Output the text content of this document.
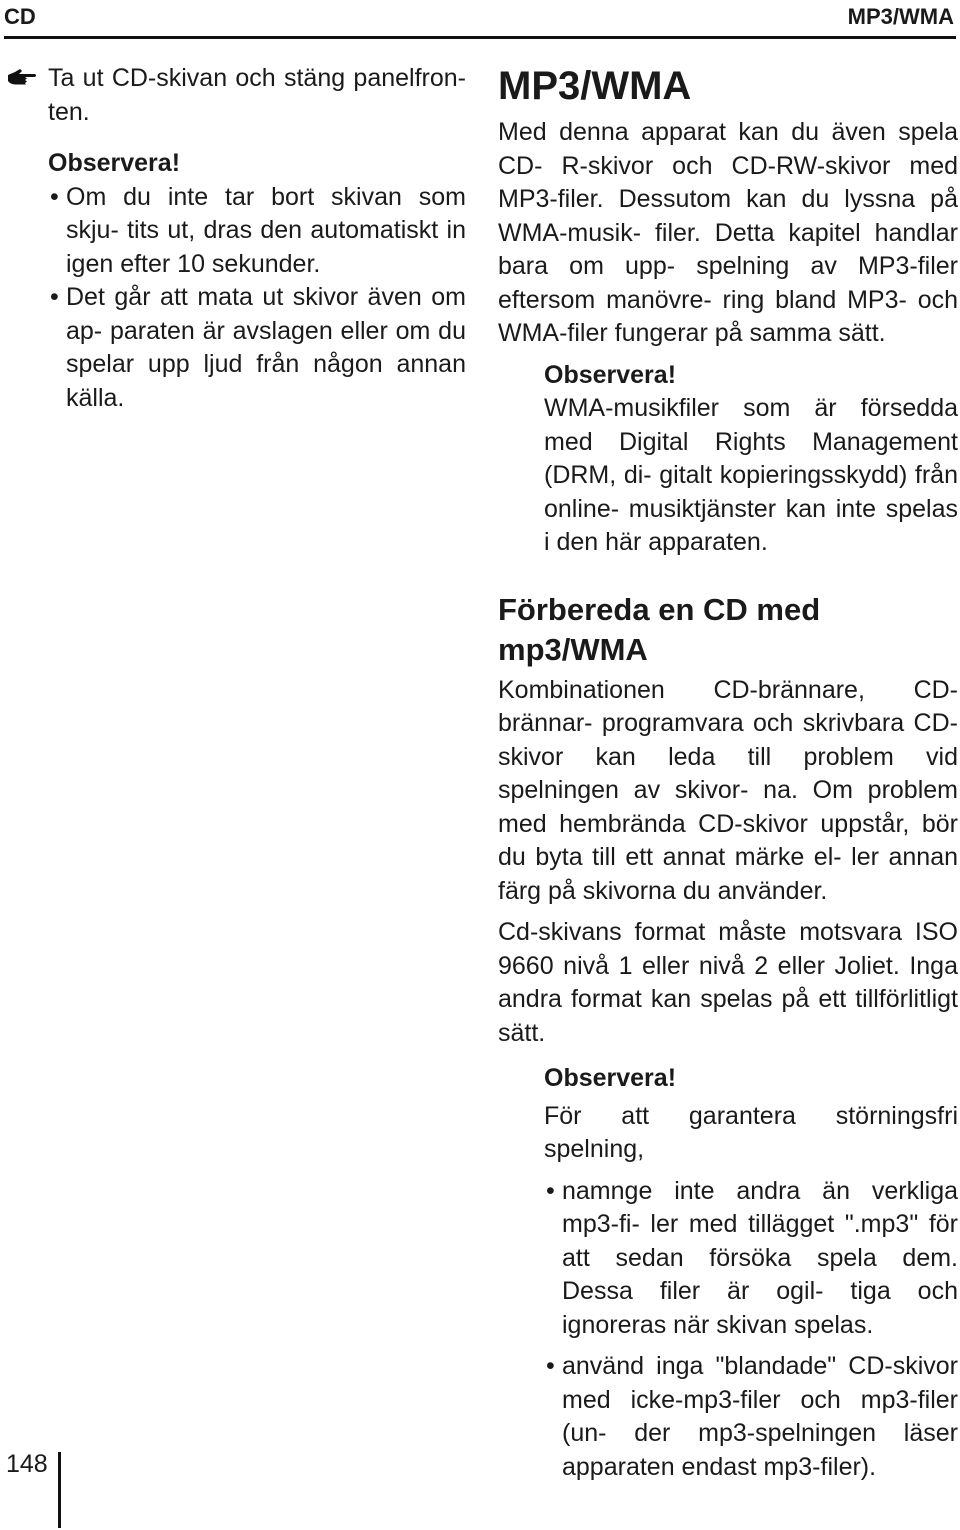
CD	MP3/WMA

Ta ut CD-skivan och stäng panelfron- ten.

Observera!

• Om du inte tar bort skivan som skju- tits ut, dras den automatiskt in igen efter 10 sekunder.
• Det går att mata ut skivor även om ap- paraten är avslagen eller om du spelar upp ljud från någon annan källa.
MP3/WMA

Med denna apparat kan du även spela CD- R-skivor och CD-RW-skivor med MP3-filer. Dessutom kan du lyssna på WMA-musik- filer. Detta kapitel handlar bara om upp- spelning av MP3-filer eftersom manövre- ring bland MP3- och WMA-filer fungerar på samma sätt.

Observera!

WMA-musikfiler som är försedda med Digital Rights Management (DRM, di- gitalt kopieringsskydd) från online- musiktjänster kan inte spelas i den här apparaten.

Förbereda en CD med mp3/WMA

Kombinationen CD-brännare, CD-brännar- programvara och skrivbara CD-skivor kan leda till problem vid spelningen av skivor- na. Om problem med hembrända CD-skivor uppstår, bör du byta till ett annat märke el- ler annan färg på skivorna du använder.

Cd-skivans format måste motsvara ISO 9660 nivå 1 eller nivå 2 eller Joliet. Inga andra format kan spelas på ett tillförlitligt sätt.

Observera!

För att garantera störningsfri spelning,

• namnge inte andra än verkliga mp3-fi- ler med tillägget ".mp3" för att sedan försöka spela dem. Dessa filer är ogil- tiga och ignoreras när skivan spelas.
• använd inga "blandade" CD-skivor med icke-mp3-filer och mp3-filer (un- der mp3-spelningen läser apparaten endast mp3-filer).
148
